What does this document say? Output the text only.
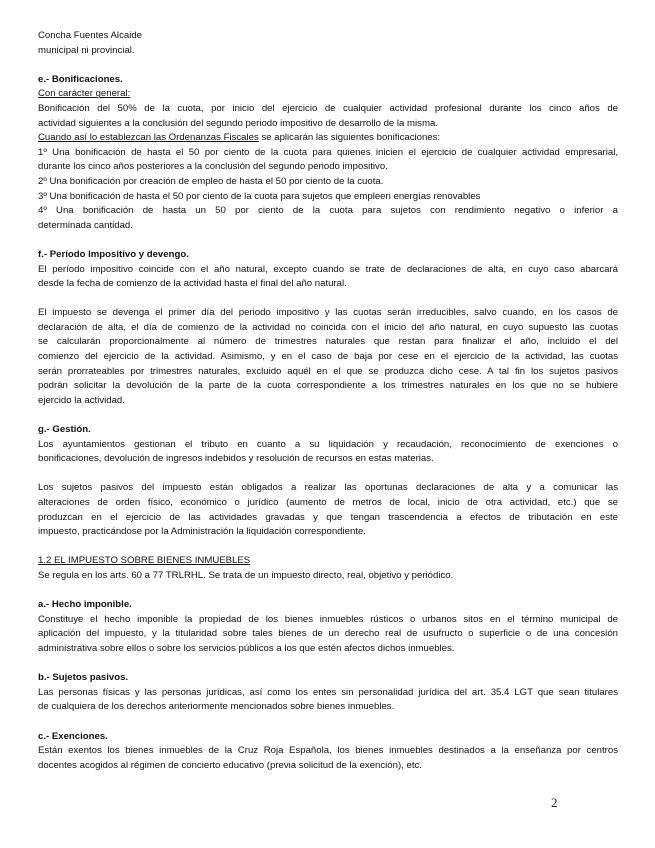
Concha Fuentes Alcaide
municipal ni provincial.
e.- Bonificaciones.
Con carácter general:
Bonificación del 50% de la cuota, por inicio del ejercicio de cualquier actividad profesional durante los cinco años de
actividad siguientes a la conclusión del segundo periodo impositivo de desarrollo de la misma.
Cuando así lo establezcan las Ordenanzas Fiscales se aplicarán las siguientes bonificaciones:
1º Una bonificación de hasta el 50 por ciento de la cuota para quienes inicien el ejercicio de cualquier actividad empresarial,
durante los cinco años posteriores a la conclusión del segundo periodo impositivo.
2º Una bonificación por creación de empleo de hasta el 50 por ciento de la cuota.
3º Una bonificación de hasta el 50 por ciento de la cuota para sujetos que empleen energías renovables
4º Una bonificación de hasta un 50 por ciento de la cuota para sujetos con rendimiento negativo o inferior a
determinada cantidad.
f.- Período Impositivo y devengo.
El período impositivo coincide con el año natural, excepto cuando se trate de declaraciones de alta, en cuyo caso abarcará
desde la fecha de comienzo de la actividad hasta el final del año natural.
El impuesto se devenga el primer día del periodo impositivo y las cuotas serán irreducibles, salvo cuando, en los casos de
declaración de alta, el día de comienzo de la actividad no coincida con el inicio del año natural, en cuyo supuesto las cuotas
se calcularán proporcionalmente al número de trimestres naturales que restan para finalizar el año, incluido el del
comienzo del ejercicio de la actividad. Asimismo, y en el caso de baja por cese en el ejercicio de la actividad, las cuotas
serán prorrateables por trimestres naturales, excluido aquél en el que se produzca dicho cese. A tal fin los sujetos pasivos
podrán solicitar la devolución de la parte de la cuota correspondiente a los trimestres naturales en los que no se hubiere
ejercido la actividad.
g.- Gestión.
Los ayuntamientos gestionan el tributo en cuanto a su liquidación y recaudación, reconocimiento de exenciones o
bonificaciones, devolución de ingresos indebidos y resolución de recursos en estas materias.
Los sujetos pasivos del impuesto están obligados a realizar las oportunas declaraciones de alta y a comunicar las
alteraciones de orden físico, económico o jurídico (aumento de metros de local, inicio de otra actividad, etc.) que se
produzcan en el ejercicio de las actividades gravadas y que tengan trascendencia a efectos de tributación en este
impuesto, practicándose por la Administración la liquidación correspondiente.
1.2 EL IMPUESTO SOBRE BIENES INMUEBLES
Se regula en los arts. 60 a 77 TRLRHL. Se trata de un impuesto directo, real, objetivo y periódico.
a.- Hecho imponible.
Constituye el hecho imponible la propiedad de los bienes inmuebles rústicos o urbanos sitos en el término municipal de
aplicación del impuesto, y la titularidad sobre tales bienes de un derecho real de usufructo o superficie o de una concesión
administrativa sobre ellos o sobre los servicios públicos a los que estén afectos dichos inmuebles.
b.- Sujetos pasivos.
Las personas físicas y las personas jurídicas, así como los entes sin personalidad jurídica del art. 35.4 LGT que sean titulares
de cualquiera de los derechos anteriormente mencionados sobre bienes inmuebles.
c.- Exenciones.
Están exentos los bienes inmuebles de la Cruz Roja Española, los bienes inmuebles destinados a la enseñanza por centros
docentes acogidos al régimen de concierto educativo (previa solicitud de la exención), etc.
2
